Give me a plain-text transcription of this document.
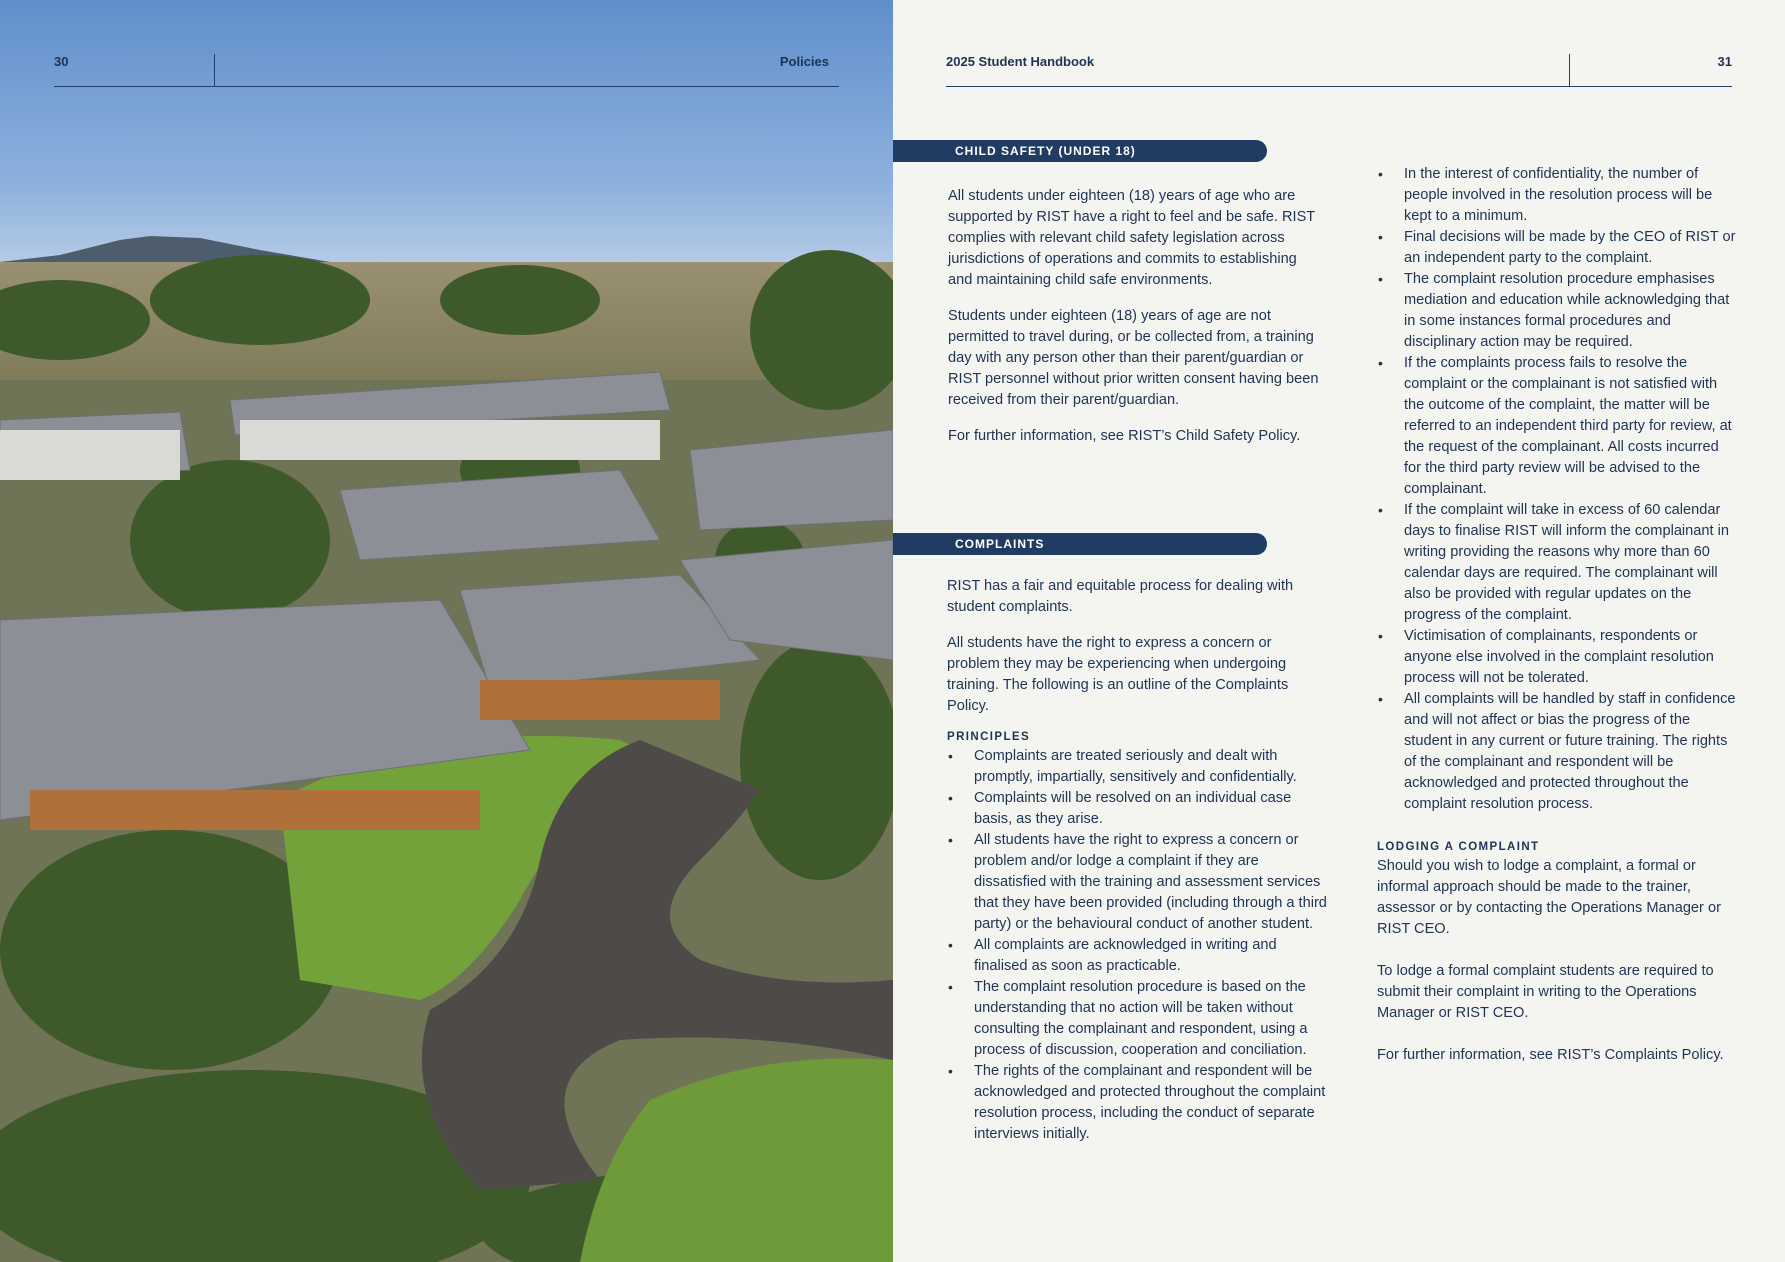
30	Policies	2025 Student Handbook	31
CHILD SAFETY (UNDER 18)

All students under eighteen (18) years of age who are supported by RIST have a right to feel and be safe. RIST complies with relevant child safety legislation across jurisdictions of operations and commits to establishing and maintaining child safe environments.

Students under eighteen (18) years of age are not permitted to travel during, or be collected from, a training day with any person other than their parent/guardian or RIST personnel without prior written consent having been received from their parent/guardian.

For further information, see RIST’s Child Safety Policy.

COMPLAINTS

RIST has a fair and equitable process for dealing with student complaints.

All students have the right to express a concern or problem they may be experiencing when undergoing training. The following is an outline of the Complaints Policy.

PRINCIPLES
• Complaints are treated seriously and dealt with promptly, impartially, sensitively and confidentially.
• Complaints will be resolved on an individual case basis, as they arise.
• All students have the right to express a concern or problem and/or lodge a complaint if they are dissatisfied with the training and assessment services that they have been provided (including through a third party) or the behavioural conduct of another student.
• All complaints are acknowledged in writing and finalised as soon as practicable.
• The complaint resolution procedure is based on the understanding that no action will be taken without consulting the complainant and respondent, using a process of discussion, cooperation and conciliation.
• The rights of the complainant and respondent will be acknowledged and protected throughout the complaint resolution process, including the conduct of separate interviews initially.
• In the interest of confidentiality, the number of people involved in the resolution process will be kept to a minimum.
• Final decisions will be made by the CEO of RIST or an independent party to the complaint.
• The complaint resolution procedure emphasises mediation and education while acknowledging that in some instances formal procedures and disciplinary action may be required.
• If the complaints process fails to resolve the complaint or the complainant is not satisfied with the outcome of the complaint, the matter will be referred to an independent third party for review, at the request of the complainant. All costs incurred for the third party review will be advised to the complainant.
• If the complaint will take in excess of 60 calendar days to finalise RIST will inform the complainant in writing providing the reasons why more than 60 calendar days are required. The complainant will also be provided with regular updates on the progress of the complaint.
• Victimisation of complainants, respondents or anyone else involved in the complaint resolution process will not be tolerated.
• All complaints will be handled by staff in confidence and will not affect or bias the progress of the student in any current or future training. The rights of the complainant and respondent will be acknowledged and protected throughout the complaint resolution process.
LODGING A COMPLAINT

Should you wish to lodge a complaint, a formal or informal approach should be made to the trainer, assessor or by contacting the Operations Manager or RIST CEO.

To lodge a formal complaint students are required to submit their complaint in writing to the Operations Manager or RIST CEO.

For further information, see RIST’s Complaints Policy.
